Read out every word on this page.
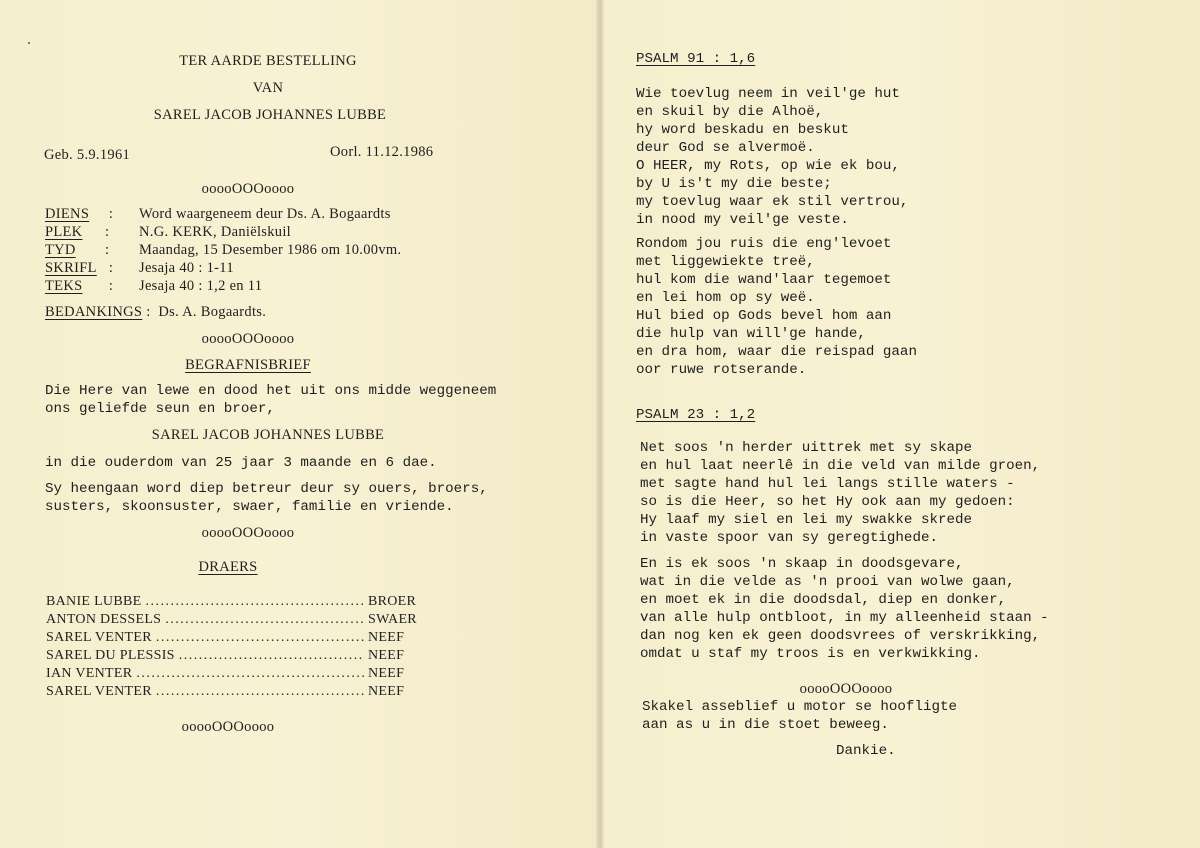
TER AARDE BESTELLING
VAN
SAREL JACOB JOHANNES LUBBE
Geb. 5.9.1961	Oorl. 11.12.1986
ooooOOOoooo
DIENS : Word waargeneem deur Ds. A. Bogaardts
PLEK : N.G. KERK, Daniëlskuil
TYD : Maandag, 15 Desember 1986 om 10.00vm.
SKRIFL : Jesaja 40 : 1-11
TEKS : Jesaja 40 : 1,2 en 11
BEDANKINGS :  Ds. A. Bogaardts.
ooooOOOoooo
BEGRAFNISBRIEF
Die Here van lewe en dood het uit ons midde weggeneem
ons geliefde seun en broer,
SAREL JACOB JOHANNES LUBBE
in die ouderdom van 25 jaar 3 maande en 6 dae.
Sy heengaan word diep betreur deur sy ouers, broers,
susters, skoonsuster, swaer, familie en vriende.
ooooOOOoooo
DRAERS
BANIE LUBBE . . .	BROER
ANTON DESSELS . . .	SWAER
SAREL VENTER . . .	NEEF
SAREL DU PLESSIS . . .	NEEF
IAN VENTER . . .	NEEF
SAREL VENTER . . .	NEEF
ooooOOOoooo
PSALM 91 : 1,6
Wie toevlug neem in veil'ge hut
en skuil by die Alhoë,
hy word beskadu en beskut
deur God se alvermoë.
O HEER, my Rots, op wie ek bou,
by U is't my die beste;
my toevlug waar ek stil vertrou,
in nood my veil'ge veste.
Rondom jou ruis die eng'levoet
met liggewiekte treë,
hul kom die wand'laar tegemoet
en lei hom op sy weë.
Hul bied op Gods bevel hom aan
die hulp van will'ge hande,
en dra hom, waar die reispad gaan
oor ruwe rotserande.
PSALM 23 : 1,2
Net soos 'n herder uittrek met sy skape
en hul laat neerlê in die veld van milde groen,
met sagte hand hul lei langs stille waters -
so is die Heer, so het Hy ook aan my gedoen:
Hy laaf my siel en lei my swakke skrede
in vaste spoor van sy geregtighede.
En is ek soos 'n skaap in doodsgevare,
wat in die velde as 'n prooi van wolwe gaan,
en moet ek in die doodsdal, diep en donker,
van alle hulp ontbloot, in my alleenheid staan -
dan nog ken ek geen doodsvrees of verskrikking,
omdat u staf my troos is en verkwikking.
ooooOOOoooo
Skakel asseblief u motor se hoofligte
aan as u in die stoet beweeg.
Dankie.
